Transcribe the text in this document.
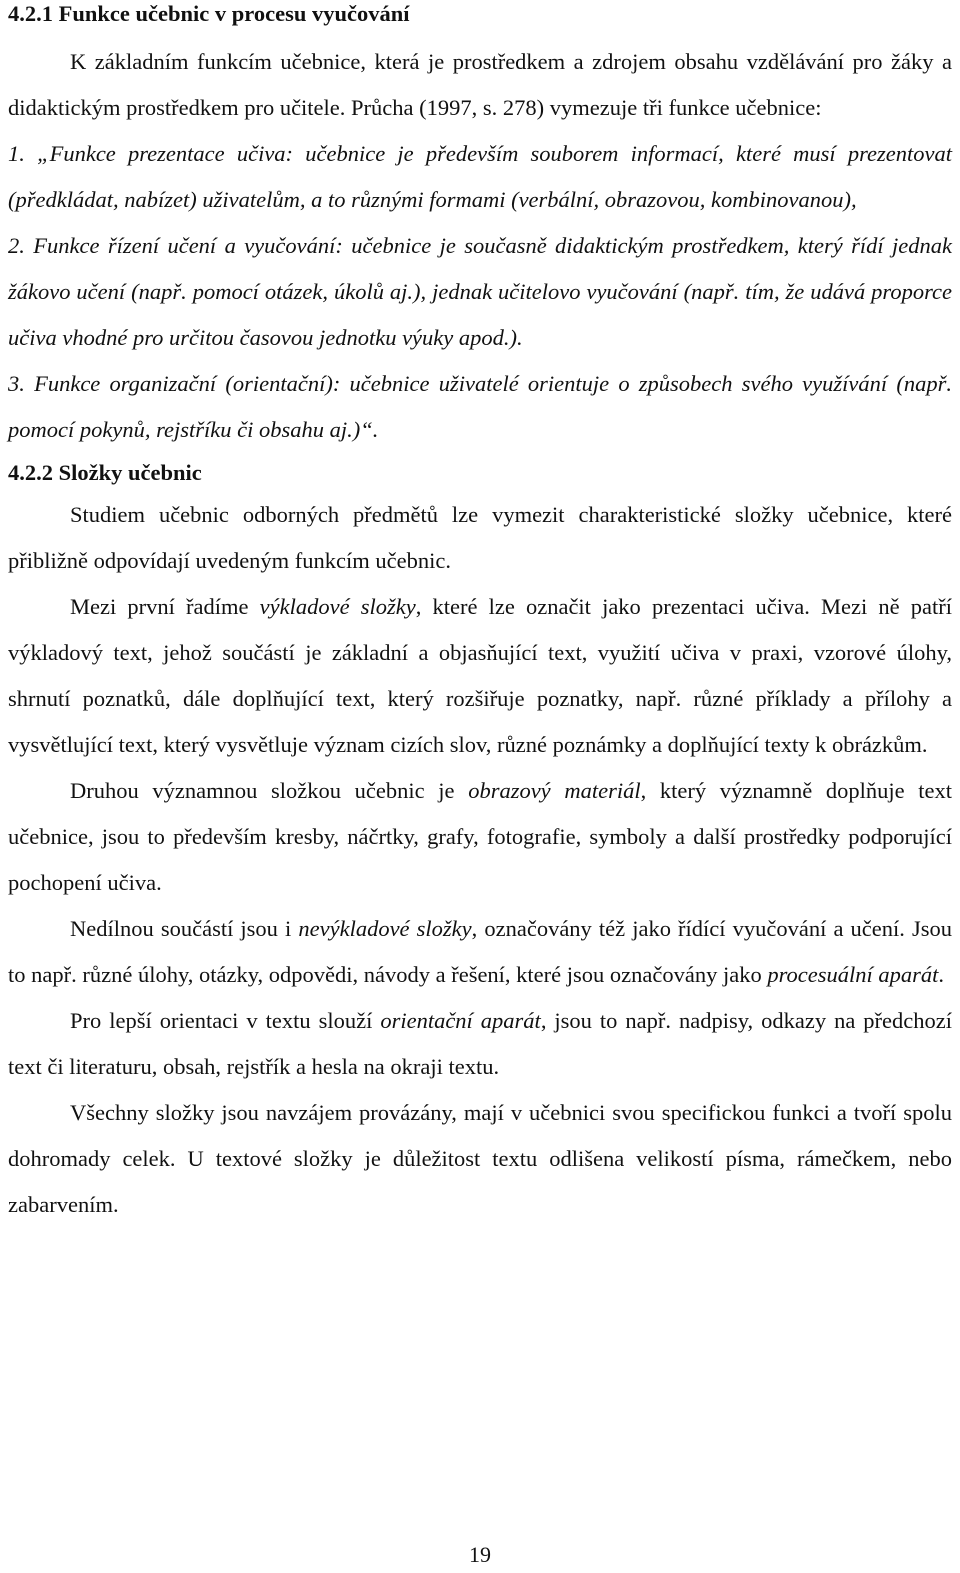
4.2.1 Funkce učebnic v procesu vyučování

K základním funkcím učebnice, která je prostředkem a zdrojem obsahu vzdělávání pro žáky a didaktickým prostředkem pro učitele. Průcha (1997, s. 278) vymezuje tři funkce učebnice:

1. „Funkce prezentace učiva: učebnice je především souborem informací, které musí prezentovat (předkládat, nabízet) uživatelům, a to různými formami (verbální, obrazovou, kombinovanou),

2. Funkce řízení učení a vyučování: učebnice je současně didaktickým prostředkem, který řídí jednak žákovo učení (např. pomocí otázek, úkolů aj.), jednak učitelovo vyučování (např. tím, že udává proporce učiva vhodné pro určitou časovou jednotku výuky apod.).

3. Funkce organizační (orientační): učebnice uživatelé orientuje o způsobech svého využívání (např. pomocí pokynů, rejstříku či obsahu aj.)“.

4.2.2 Složky učebnic

Studiem učebnic odborných předmětů lze vymezit charakteristické složky učebnice, které přibližně odpovídají uvedeným funkcím učebnic.

Mezi první řadíme výkladové složky, které lze označit jako prezentaci učiva. Mezi ně patří výkladový text, jehož součástí je základní a objasňující text, využití učiva v praxi, vzorové úlohy, shrnutí poznatků, dále doplňující text, který rozšiřuje poznatky, např. různé příklady a přílohy a vysvětlující text, který vysvětluje význam cizích slov, různé poznámky a doplňující texty k obrázkům.

Druhou významnou složkou učebnic je obrazový materiál, který významně doplňuje text učebnice, jsou to především kresby, náčrtky, grafy, fotografie, symboly a další prostředky podporující pochopení učiva.

Nedílnou součástí jsou i nevýkladové složky, označovány též jako řídící vyučování a učení. Jsou to např. různé úlohy, otázky, odpovědi, návody a řešení, které jsou označovány jako procesuální aparát.

Pro lepší orientaci v textu slouží orientační aparát, jsou to např. nadpisy, odkazy na předchozí text či literaturu, obsah, rejstřík a hesla na okraji textu.

Všechny složky jsou navzájem provázány, mají v učebnici svou specifickou funkci a tvoří spolu dohromady celek. U textové složky je důležitost textu odlišena velikostí písma, rámečkem, nebo zabarvením.

19
